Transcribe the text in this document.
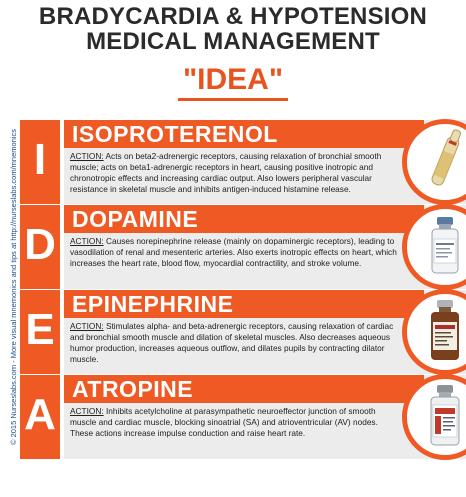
BRADYCARDIA & HYPOTENSION
MEDICAL MANAGEMENT
"IDEA"
© 2015 Nurseslabs.com - More visual mnemonics and tips at http://nurseslabs.com/mnemonics I
ISOPROTERENOL
ACTION: Acts on beta2-adrenergic receptors, causing relaxation of bronchial smooth muscle; acts on beta1-adrenergic receptors in heart, causing positive inotropic and chronotropic effects and increasing cardiac output. Also lowers peripheral vascular resistance in skeletal muscle and inhibits antigen-induced histamine release.
D
DOPAMINE
ACTION: Causes norepinephrine release (mainly on dopaminergic receptors), leading to vasodilation of renal and mesenteric arteries. Also exerts inotropic effects on heart, which increases the heart rate, blood flow, myocardial contractility, and stroke volume.
E
EPINEPHRINE
ACTION: Stimulates alpha- and beta-adrenergic receptors, causing relaxation of cardiac and bronchial smooth muscle and dilation of skeletal muscles. Also decreases aqueous humor production, increases aqueous outflow, and dilates pupils by contracting dilator muscle.
A
ATROPINE
ACTION: Inhibits acetylcholine at parasympathetic neuroeffector junction of smooth muscle and cardiac muscle, blocking sinoatrial (SA) and atrioventricular (AV) nodes. These actions increase impulse conduction and raise heart rate.
